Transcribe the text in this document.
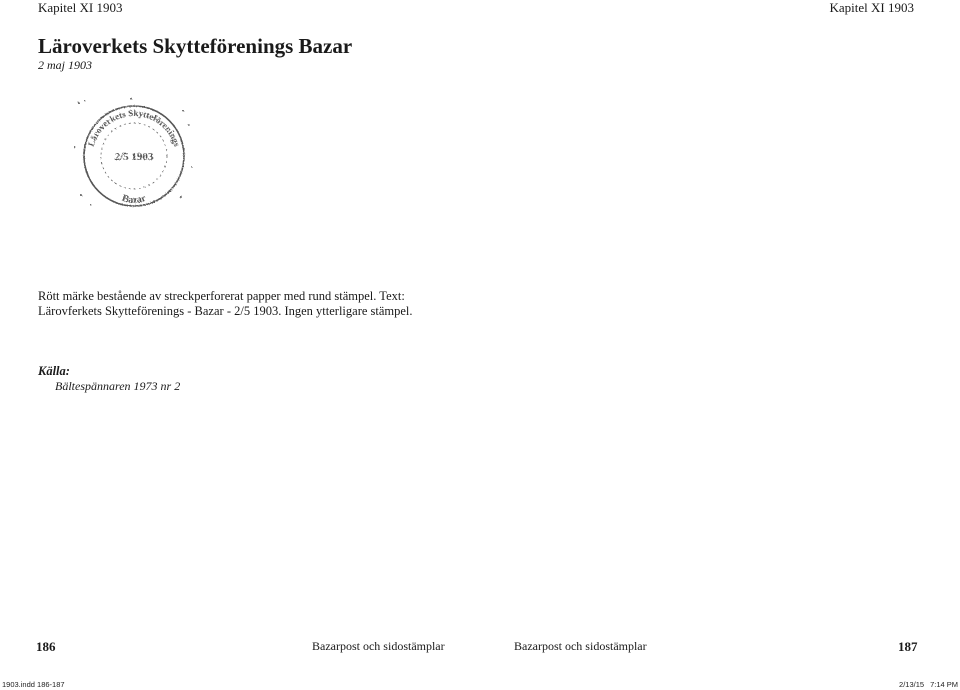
Kapitel XI 1903	Kapitel XI 1903
Läroverkets Skytteförenings Bazar
2 maj 1903
Läroverkets Skytteförenings
2/5 1903
Bazar

Rött märke bestående av streckperforerat papper med rund stämpel. Text:

Lärovferkets Skytteförenings - Bazar - 2/5 1903. Ingen ytterligare stämpel.

Källa:
Bältespännaren 1973 nr 2
186	Bazarpost och sidostämplar	Bazarpost och sidostämplar	187
1903.indd 186-187	2/13/15 7:14 PM
